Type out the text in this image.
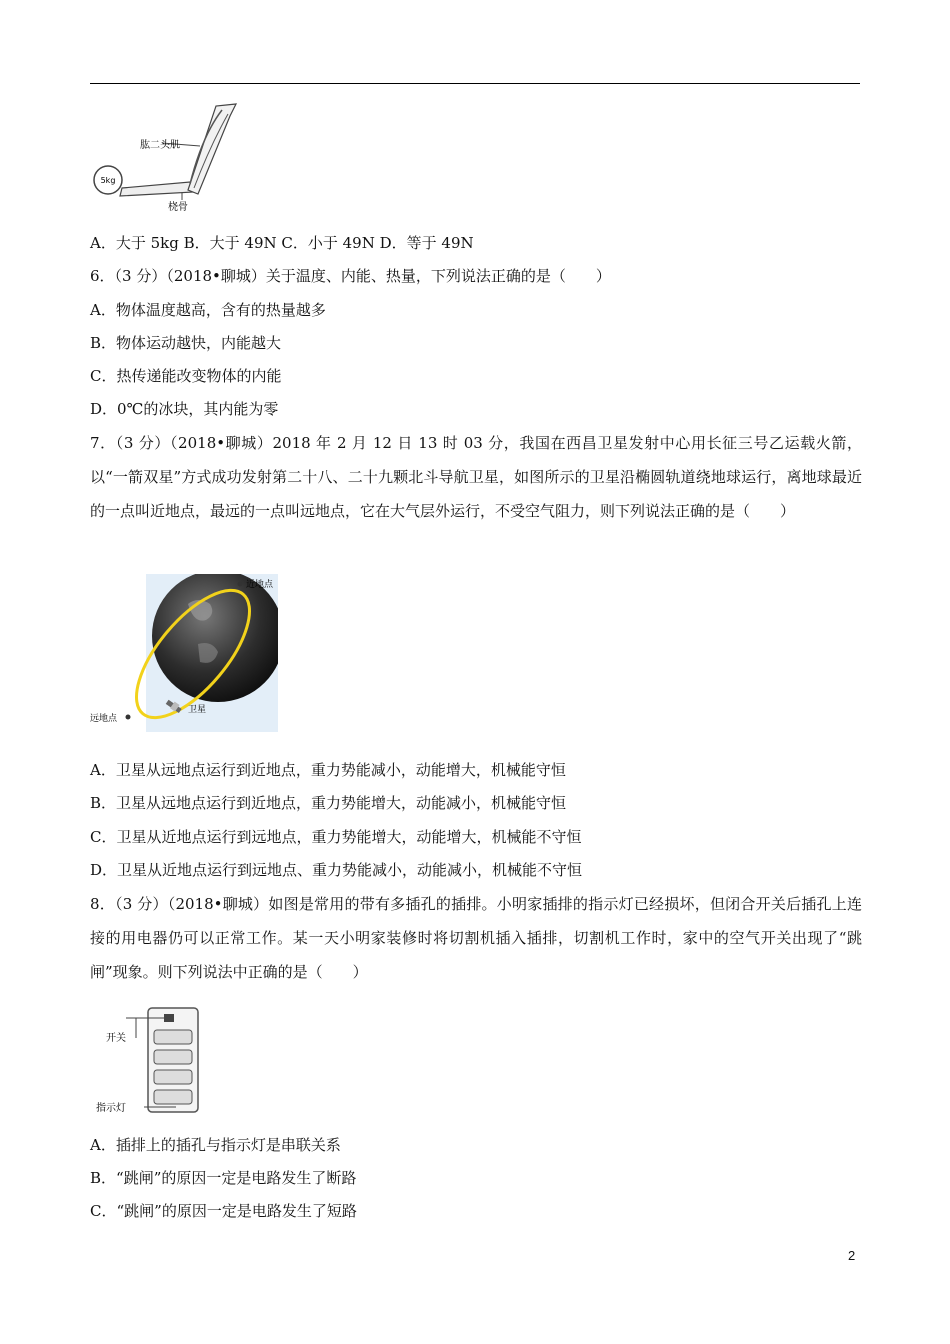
5kg
肱二头肌
桡骨
A．大于 5kg B．大于 49N C．小于 49N D．等于 49N
6．（3 分）（2018•聊城）关于温度、内能、热量，下列说法正确的是（　　）
A．物体温度越高，含有的热量越多
B．物体运动越快，内能越大
C．热传递能改变物体的内能
D．0℃的冰块，其内能为零
7．（3 分）（2018•聊城）2018 年 2 月 12 日 13 时 03 分，我国在西昌卫星发射中心用长征三号乙运载火箭，以“一箭双星”方式成功发射第二十八、二十九颗北斗导航卫星，如图所示的卫星沿椭圆轨道绕地球运行，离地球最近的一点叫近地点，最远的一点叫远地点，它在大气层外运行，不受空气阻力，则下列说法正确的是（　　）
近地点
远地点
卫星
A．卫星从远地点运行到近地点，重力势能减小，动能增大，机械能守恒
B．卫星从远地点运行到近地点，重力势能增大，动能减小，机械能守恒
C．卫星从近地点运行到远地点，重力势能增大，动能增大，机械能不守恒
D．卫星从近地点运行到远地点、重力势能减小，动能减小，机械能不守恒
8．（3 分）（2018•聊城）如图是常用的带有多插孔的插排。小明家插排的指示灯已经损坏，但闭合开关后插孔上连接的用电器仍可以正常工作。某一天小明家装修时将切割机插入插排，切割机工作时，家中的空气开关出现了“跳闸”现象。则下列说法中正确的是（　　）
开关
指示灯
A．插排上的插孔与指示灯是串联关系
B．“跳闸”的原因一定是电路发生了断路
C．“跳闸”的原因一定是电路发生了短路
2
